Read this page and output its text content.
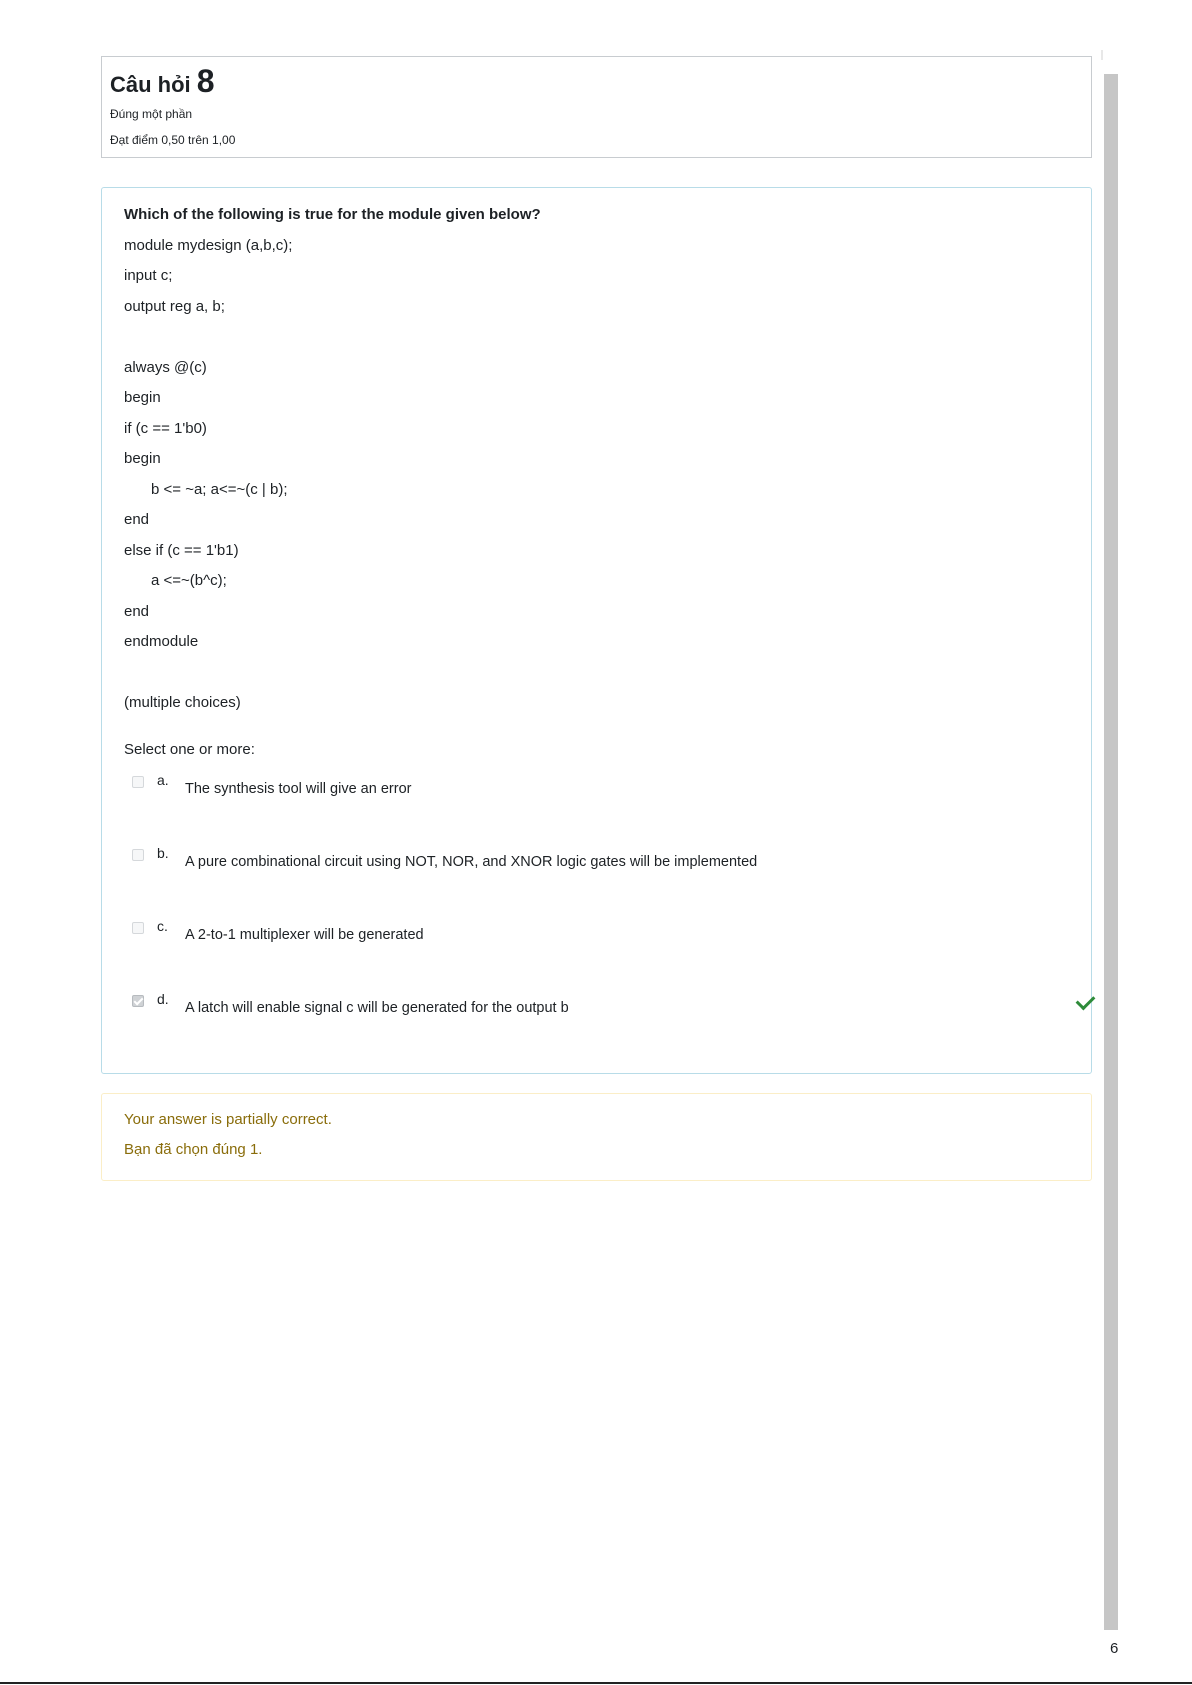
Câu hỏi 8
Đúng một phần
Đạt điểm 0,50 trên 1,00
Which of the following is true for the module given below?
module mydesign (a,b,c);
input c;
output reg a, b;
always @(c)
begin
if (c == 1'b0)
begin
b <= ~a; a<=~(c | b);
end
else if (c == 1'b1)
a <=~(b^c);
end
endmodule
(multiple choices)
Select one or more:
a.
The synthesis tool will give an error
b.
A pure combinational circuit using NOT, NOR, and XNOR logic gates will be implemented
c.
A 2-to-1 multiplexer will be generated
d.
A latch will enable signal c will be generated for the output b
Your answer is partially correct.
Bạn đã chọn đúng 1.
6
